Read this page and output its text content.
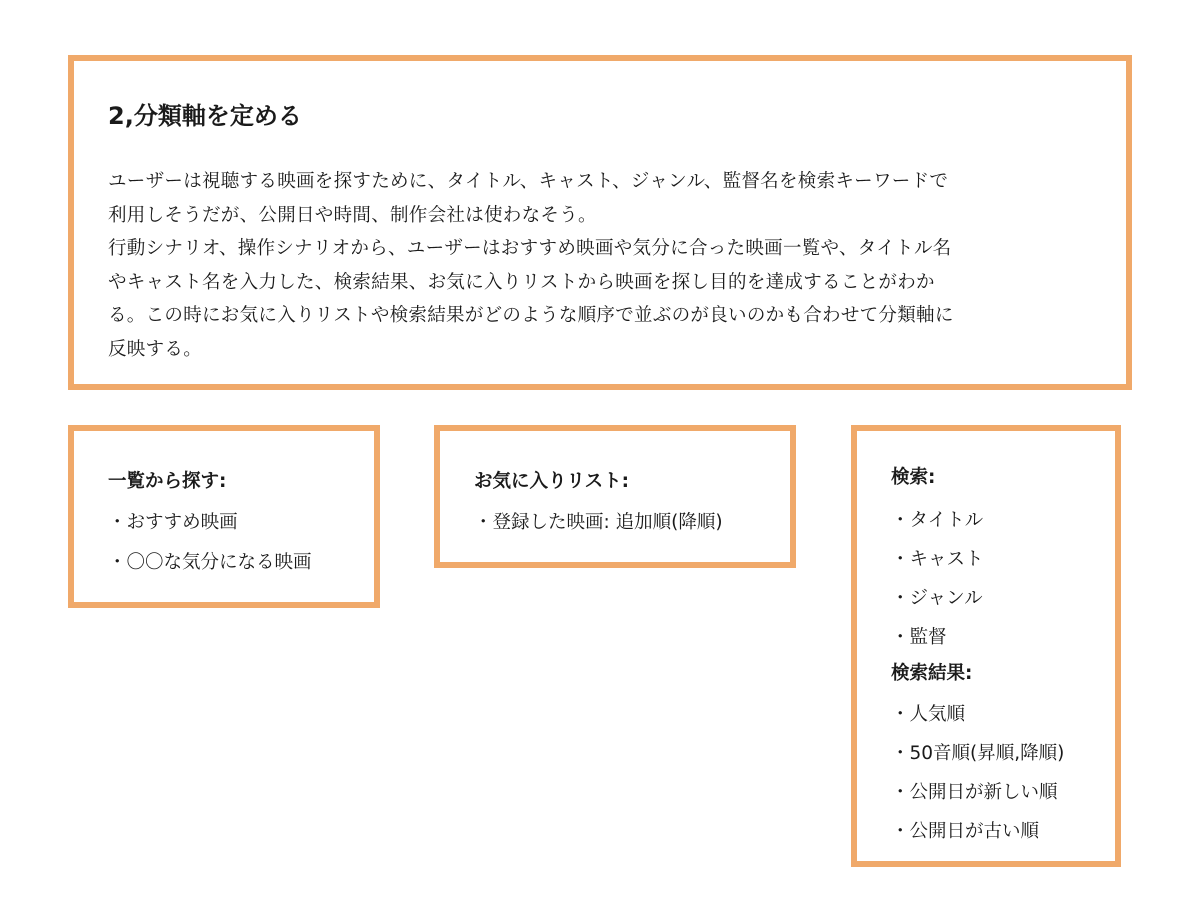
2,分類軸を定める

ユーザーは視聴する映画を探すために、タイトル、キャスト、ジャンル、監督名を検索キーワードで

利用しそうだが、公開日や時間、制作会社は使わなそう。

行動シナリオ、操作シナリオから、ユーザーはおすすめ映画や気分に合った映画一覧や、タイトル名

やキャスト名を入力した、検索結果、お気に入りリストから映画を探し目的を達成することがわか

る。この時にお気に入りリストや検索結果がどのような順序で並ぶのが良いのかも合わせて分類軸に

反映する。

一覧から探す:
・おすすめ映画
・〇〇な気分になる映画
お気に入りリスト:
・登録した映画: 追加順(降順)
検索:
・タイトル
・キャスト
・ジャンル
・監督
検索結果:
・人気順
・50音順(昇順,降順)
・公開日が新しい順
・公開日が古い順
